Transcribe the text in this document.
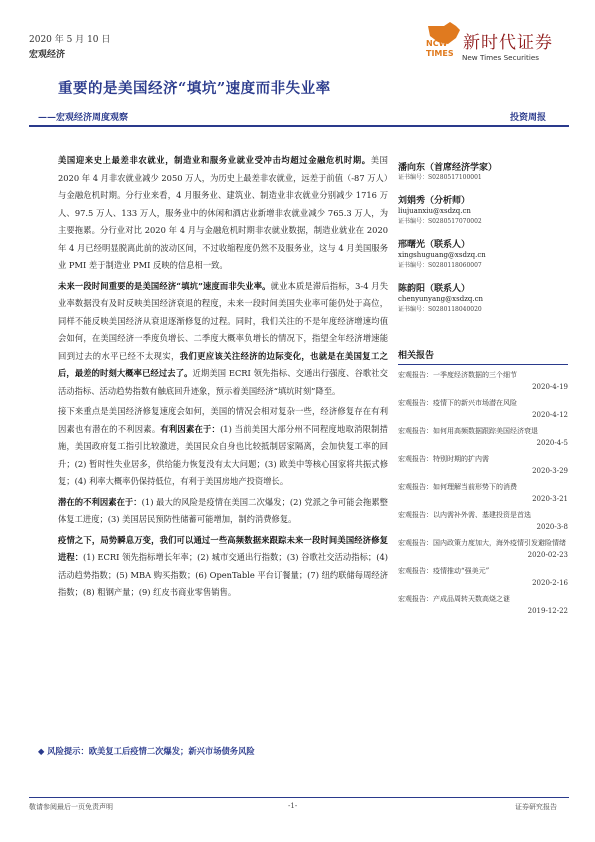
2020 年 5 月 10 日
宏观经济
NCW
TIMES
新时代证券
New Times Securities
重要的是美国经济“填坑”速度而非失业率
——宏观经济周度观察	投资周报

美国迎来史上最差非农就业，制造业和服务业就业受冲击均超过金融危机时期。美国 2020 年 4 月非农就业减少 2050 万人，为历史上最差非农就业，远差于前值（-87 万人）与金融危机时期。分行业来看，4 月服务业、建筑业、制造业非农就业分别减少 1716 万人、97.5 万人、133 万人，服务业中的休闲和酒店业新增非农就业减少 765.3 万人，为主要拖累。分行业对比 2020 年 4 月与金融危机时期非农就业数据，制造业就业在 2020 年 4 月已经明显脱离此前的波动区间，不过收缩程度仍然不及服务业，这与 4 月美国服务业 PMI 差于制造业 PMI 反映的信息相一致。

未来一段时间重要的是美国经济“填坑”速度而非失业率。就业本质是滞后指标，3-4 月失业率数据没有及时反映美国经济衰退的程度，未来一段时间美国失业率可能仍处于高位，同样不能反映美国经济从衰退逐渐修复的过程。同时，我们关注的不是年度经济增速均值会如何，在美国经济一季度负增长、二季度大概率负增长的情况下，指望全年经济增速能回到过去的水平已经不太现实，我们更应该关注经济的边际变化，也就是在美国复工之后，最差的时刻大概率已经过去了。近期美国 ECRI 领先指标、交通出行强度、谷歌社交活动指标、活动趋势指数有触底回升迹象，预示着美国经济“填坑时刻”降至。

接下来重点是美国经济修复速度会如何，美国的情况会相对复杂一些，经济修复存在有利因素也有潜在的不利因素。有利因素在于：(1) 当前美国大部分州不同程度地取消限制措施，美国政府复工指引比较激进，美国民众自身也比较抵制居家隔离，会加快复工率的回升；(2) 暂时性失业居多，供给能力恢复没有太大问题；(3) 欧美中等核心国家将共振式修复；(4) 利率大概率仍保持低位，有利于美国房地产投资增长。

潜在的不利因素在于：(1) 最大的风险是疫情在美国二次爆发；(2) 党派之争可能会拖累整体复工进度；(3) 美国居民预防性储蓄可能增加，制约消费修复。

疫情之下，局势瞬息万变，我们可以通过一些高频数据来跟踪未来一段时间美国经济修复进程：(1) ECRI 领先指标增长年率；(2) 城市交通出行指数；(3) 谷歌社交活动指标；(4) 活动趋势指数；(5) MBA 购买指数；(6) OpenTable 平台订餐量；(7) 纽约联储每周经济指数；(8) 粗钢产量；(9) 红皮书商业零售销售。

◆ 风险提示：欧美复工后疫情二次爆发；新兴市场债务风险
潘向东（首席经济学家）
证书编号：S0280517100001
刘娟秀（分析师）
liujuanxiu@xsdzq.cn
证书编号：S0280517070002
邢曙光（联系人）
xingshuguang@xsdzq.cn
证书编号：S0280118060007
陈韵阳（联系人）
chenyunyang@xsdzq.cn
证书编号：S0280118040020
相关报告
宏观报告：一季度经济数据的三个细节
2020-4-19
宏观报告：疫情下的新兴市场潜在风险
2020-4-12
宏观报告：如何用高频数据跟踪美国经济衰退
2020-4-5
宏观报告：特别时期的扩内需
2020-3-29
宏观报告：如何理解当前形势下的消费
2020-3-21
宏观报告：以内需补外需、基建投资是首选
2020-3-8
宏观报告：国内政策力度加大，海外疫情引发避险情绪
2020-02-23
宏观报告：疫情推动“强美元”
2020-2-16
宏观报告：产成品周转天数高烧之谜
2019-12-22
敬请参阅最后一页免责声明	-1-	证券研究报告
